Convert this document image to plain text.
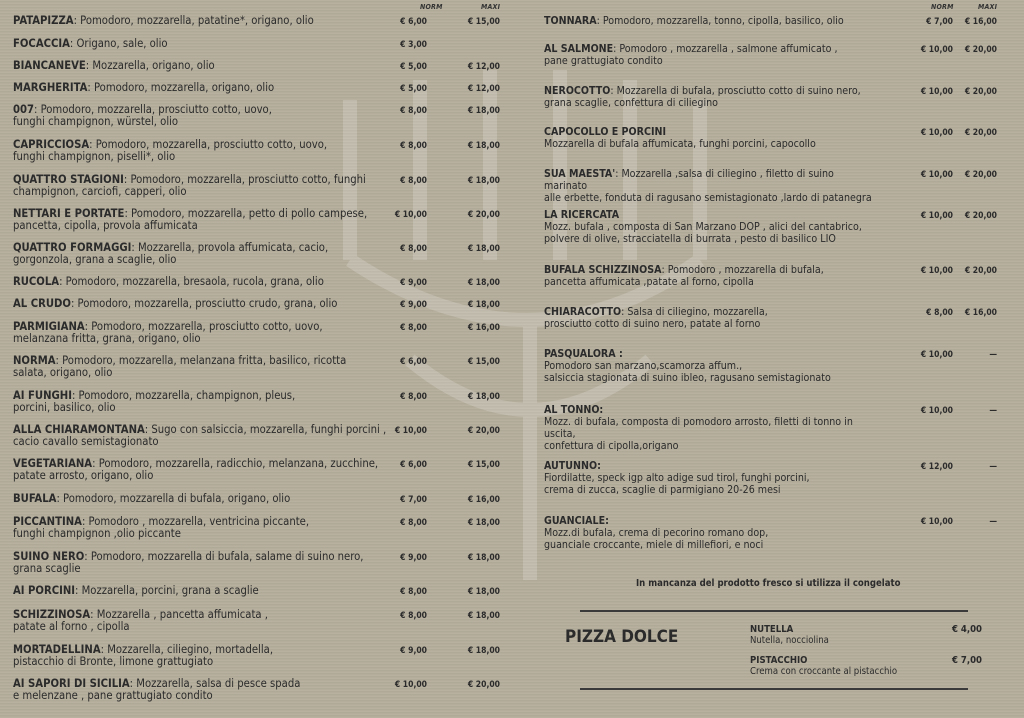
NORM	MAXI
PATAPIZZA: Pomodoro, mozzarella, patatine*, origano, olio	€ 6,00	€ 15,00
FOCACCIA: Origano, sale, olio	€ 3,00
BIANCANEVE: Mozzarella, origano, olio	€ 5,00	€ 12,00
MARGHERITA: Pomodoro, mozzarella, origano, olio	€ 5,00	€ 12,00
007: Pomodoro, mozzarella, prosciutto cotto, uovo,
funghi champignon, würstel, olio
€ 8,00	€ 18,00
CAPRICCIOSA: Pomodoro, mozzarella, prosciutto cotto, uovo,
funghi champignon, piselli*, olio
€ 8,00	€ 18,00
QUATTRO STAGIONI: Pomodoro, mozzarella, prosciutto cotto, funghi
champignon, carciofi, capperi, olio
€ 8,00	€ 18,00
NETTARI E PORTATE: Pomodoro, mozzarella, petto di pollo campese,
pancetta, cipolla, provola affumicata
€ 10,00	€ 20,00
QUATTRO FORMAGGI: Mozzarella, provola affumicata, cacio,
gorgonzola, grana a scaglie, olio
€ 8,00	€ 18,00
RUCOLA: Pomodoro, mozzarella, bresaola, rucola, grana, olio	€ 9,00	€ 18,00
AL CRUDO: Pomodoro, mozzarella, prosciutto crudo, grana, olio	€ 9,00	€ 18,00
PARMIGIANA: Pomodoro, mozzarella, prosciutto cotto, uovo,
melanzana fritta, grana, origano, olio
€ 8,00	€ 16,00
NORMA: Pomodoro, mozzarella, melanzana fritta, basilico, ricotta
salata, origano, olio
€ 6,00	€ 15,00
AI FUNGHI: Pomodoro, mozzarella, champignon, pleus,
porcini, basilico, olio
€ 8,00	€ 18,00
ALLA CHIARAMONTANA: Sugo con salsiccia, mozzarella, funghi porcini ,
cacio cavallo semistagionato
€ 10,00	€ 20,00
VEGETARIANA: Pomodoro, mozzarella, radicchio, melanzana, zucchine,
patate arrosto, origano, olio
€ 6,00	€ 15,00
BUFALA: Pomodoro, mozzarella di bufala, origano, olio	€ 7,00	€ 16,00
PICCANTINA: Pomodoro , mozzarella, ventricina piccante,
funghi champignon ,olio piccante
€ 8,00	€ 18,00
SUINO NERO: Pomodoro, mozzarella di bufala, salame di suino nero,
grana scaglie
€ 9,00	€ 18,00
AI PORCINI: Mozzarella, porcini, grana a scaglie	€ 8,00	€ 18,00
SCHIZZINOSA: Mozzarella , pancetta affumicata ,
patate al forno , cipolla
€ 8,00	€ 18,00
MORTADELLINA: Mozzarella, ciliegino, mortadella,
pistacchio di Bronte, limone grattugiato
€ 9,00	€ 18,00
AI SAPORI DI SICILIA: Mozzarella, salsa di pesce spada
e melenzane , pane grattugiato condito
€ 10,00	€ 20,00
NORM	MAXI
TONNARA: Pomodoro, mozzarella, tonno, cipolla, basilico, olio	€ 7,00	€ 16,00
AL SALMONE: Pomodoro , mozzarella , salmone affumicato ,
pane grattugiato condito
€ 10,00	€ 20,00
NEROCOTTO: Mozzarella di bufala, prosciutto cotto di suino nero,
grana scaglie, confettura di ciliegino
€ 10,00	€ 20,00
CAPOCOLLO E PORCINI
Mozzarella di bufala affumicata, funghi porcini, capocollo
€ 10,00	€ 20,00
SUA MAESTA': Mozzarella ,salsa di ciliegino , filetto di suino marinato
alle erbette, fonduta di ragusano semistagionato ,lardo di patanegra
€ 10,00	€ 20,00
LA RICERCATA
Mozz. bufala , composta di San Marzano DOP , alici del cantabrico,
polvere di olive, stracciatella di burrata , pesto di basilico LIO
€ 10,00	€ 20,00
BUFALA SCHIZZINOSA: Pomodoro , mozzarella di bufala,
pancetta affumicata ,patate al forno, cipolla
€ 10,00	€ 20,00
CHIARACOTTO: Salsa di ciliegino, mozzarella,
prosciutto cotto di suino nero, patate al forno
€ 8,00	€ 16,00
PASQUALORA :
Pomodoro san marzano,scamorza affum.,
salsiccia stagionata di suino ibleo, ragusano semistagionato
€ 10,00	—
AL TONNO:
Mozz. di bufala, composta di pomodoro arrosto, filetti di tonno in uscita,
confettura di cipolla,origano
€ 10,00	—
AUTUNNO:
Fiordilatte, speck igp alto adige sud tirol, funghi porcini,
crema di zucca, scaglie di parmigiano 20-26 mesi
€ 12,00	—
GUANCIALE:
Mozz.di bufala, crema di pecorino romano dop,
guanciale croccante, miele di millefiori, e noci
€ 10,00	—
In mancanza del prodotto fresco si utilizza il congelato
PIZZA DOLCE	NUTELLA
Nutella, nocciolina
€ 4,00
PISTACCHIO
Crema con croccante al pistacchio
€ 7,00
